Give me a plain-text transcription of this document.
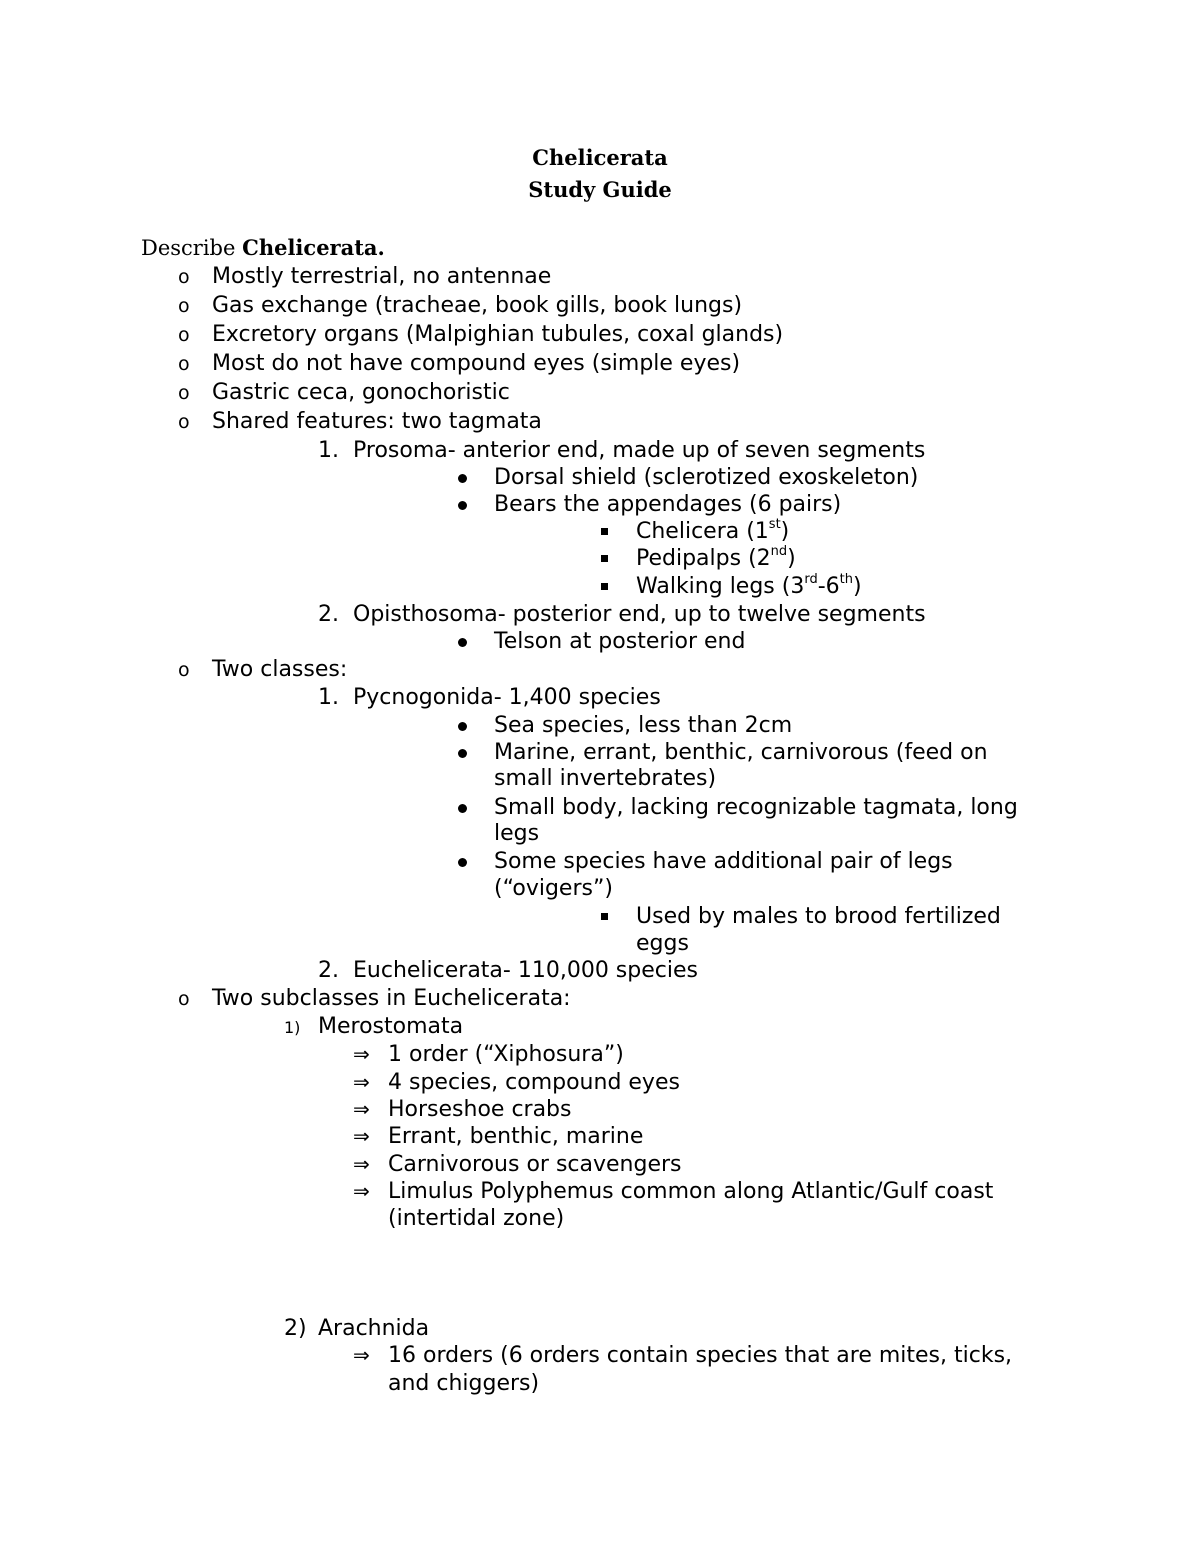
Chelicerata
Study Guide
Describe Chelicerata.
o Mostly terrestrial, no antennae
o Gas exchange (tracheae, book gills, book lungs)
o Excretory organs (Malpighian tubules, coxal glands)
o Most do not have compound eyes (simple eyes)
o Gastric ceca, gonochoristic
o Shared features: two tagmata
1. Prosoma- anterior end, made up of seven segments
Dorsal shield (sclerotized exoskeleton)
Bears the appendages (6 pairs)
Chelicera (1st)
Pedipalps (2nd)
Walking legs (3rd-6th)
2. Opisthosoma- posterior end, up to twelve segments
Telson at posterior end
o Two classes:
1. Pycnogonida- 1,400 species
Sea species, less than 2cm
Marine, errant, benthic, carnivorous (feed on
small invertebrates)
Small body, lacking recognizable tagmata, long
legs
Some species have additional pair of legs
(“ovigers”)
Used by males to brood fertilized
eggs
2. Euchelicerata- 110,000 species
o Two subclasses in Euchelicerata:
1) Merostomata
⇒ 1 order (“Xiphosura”)
⇒ 4 species, compound eyes
⇒ Horseshoe crabs
⇒ Errant, benthic, marine
⇒ Carnivorous or scavengers
⇒ Limulus Polyphemus common along Atlantic/Gulf coast
(intertidal zone)
2) Arachnida
⇒ 16 orders (6 orders contain species that are mites, ticks,
and chiggers)
